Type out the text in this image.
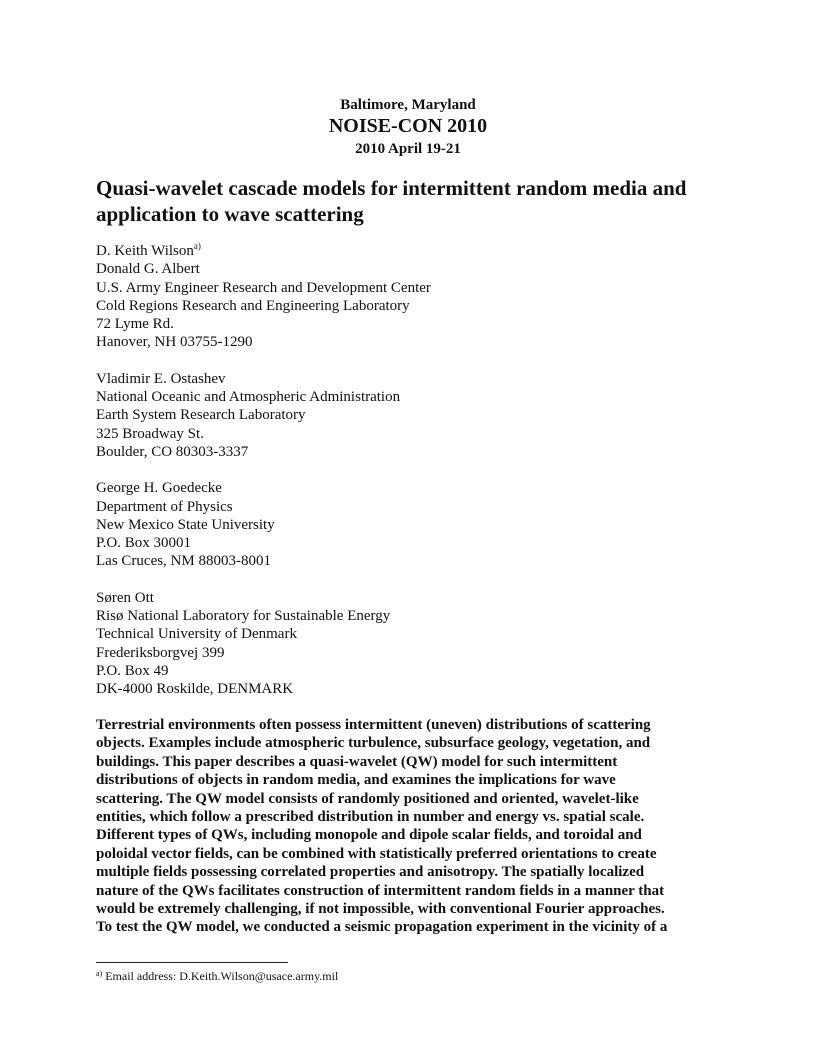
Baltimore, Maryland
NOISE-CON 2010
2010 April 19-21
Quasi-wavelet cascade models for intermittent random media and
application to wave scattering
D. Keith Wilson$^{a)}$
Donald G. Albert
U.S. Army Engineer Research and Development Center
Cold Regions Research and Engineering Laboratory
72 Lyme Rd.
Hanover, NH 03755-1290
Vladimir E. Ostashev
National Oceanic and Atmospheric Administration
Earth System Research Laboratory
325 Broadway St.
Boulder, CO 80303-3337
George H. Goedecke
Department of Physics
New Mexico State University
P.O. Box 30001
Las Cruces, NM 88003-8001
Søren Ott
Risø National Laboratory for Sustainable Energy
Technical University of Denmark
Frederiksborgvej 399
P.O. Box 49
DK-4000 Roskilde, DENMARK

Terrestrial environments often possess intermittent (uneven) distributions of scattering
objects. Examples include atmospheric turbulence, subsurface geology, vegetation, and
buildings. This paper describes a quasi-wavelet (QW) model for such intermittent
distributions of objects in random media, and examines the implications for wave
scattering. The QW model consists of randomly positioned and oriented, wavelet-like
entities, which follow a prescribed distribution in number and energy vs. spatial scale.
Different types of QWs, including monopole and dipole scalar fields, and toroidal and
poloidal vector fields, can be combined with statistically preferred orientations to create
multiple fields possessing correlated properties and anisotropy. The spatially localized
nature of the QWs facilitates construction of intermittent random fields in a manner that
would be extremely challenging, if not impossible, with conventional Fourier approaches.
To test the QW model, we conducted a seismic propagation experiment in the vicinity of a

$^{a)}$ Email address: D.Keith.Wilson@usace.army.mil
